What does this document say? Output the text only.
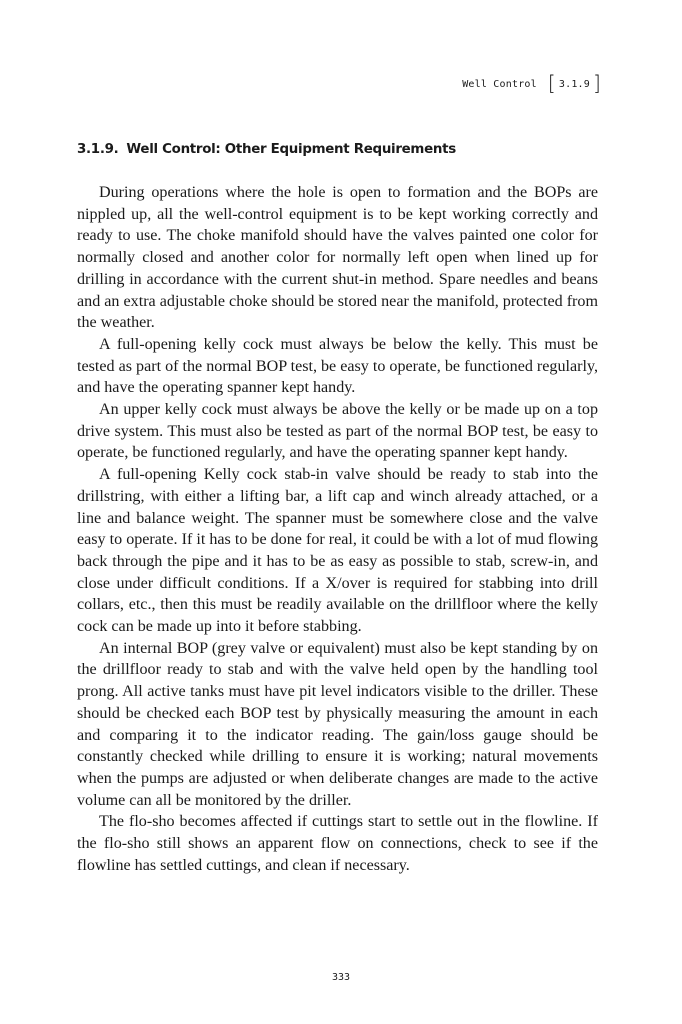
Well Control [ 3.1.9 ]
3.1.9. Well Control: Other Equipment Requirements

During operations where the hole is open to formation and the BOPs are nippled up, all the well-control equipment is to be kept working correctly and ready to use. The choke manifold should have the valves painted one color for normally closed and another color for normally left open when lined up for drilling in accordance with the current shut-in method. Spare needles and beans and an extra adjustable choke should be stored near the manifold, protected from the weather.

A full-opening kelly cock must always be below the kelly. This must be tested as part of the normal BOP test, be easy to operate, be functioned regularly, and have the operating spanner kept handy.

An upper kelly cock must always be above the kelly or be made up on a top drive system. This must also be tested as part of the normal BOP test, be easy to operate, be functioned regularly, and have the operating spanner kept handy.

A full-opening Kelly cock stab-in valve should be ready to stab into the drillstring, with either a lifting bar, a lift cap and winch already attached, or a line and balance weight. The spanner must be somewhere close and the valve easy to operate. If it has to be done for real, it could be with a lot of mud flowing back through the pipe and it has to be as easy as possible to stab, screw-in, and close under difficult conditions. If a X/over is required for stabbing into drill collars, etc., then this must be readily available on the drillfloor where the kelly cock can be made up into it before stabbing.

An internal BOP (grey valve or equivalent) must also be kept standing by on the drillfloor ready to stab and with the valve held open by the handling tool prong. All active tanks must have pit level indicators visible to the driller. These should be checked each BOP test by physically measuring the amount in each and comparing it to the indicator reading. The gain/loss gauge should be constantly checked while drilling to ensure it is working; natural movements when the pumps are adjusted or when deliberate changes are made to the active volume can all be monitored by the driller.

The flo-sho becomes affected if cuttings start to settle out in the flowline. If the flo-sho still shows an apparent flow on connections, check to see if the flowline has settled cuttings, and clean if necessary.

333
